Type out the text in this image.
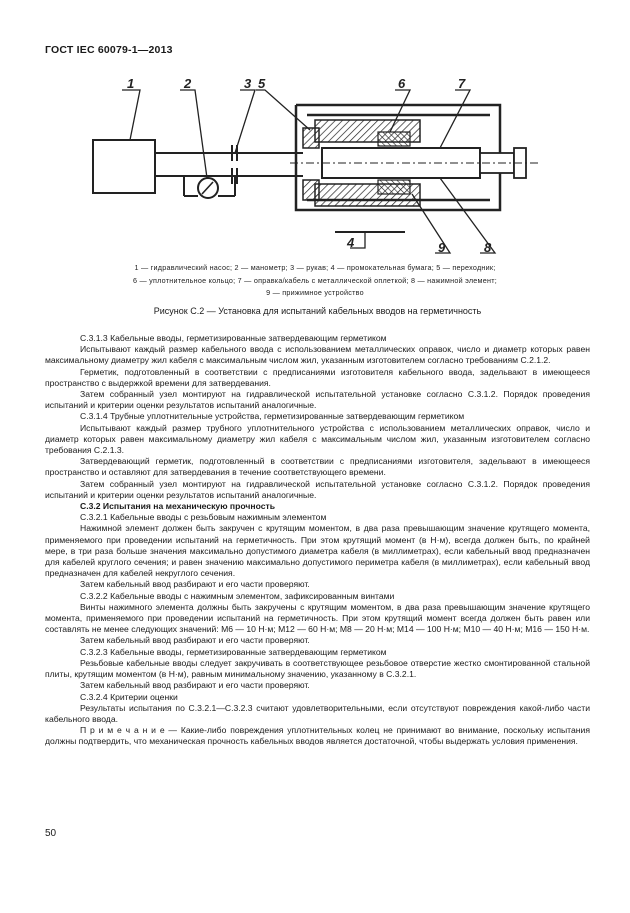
ГОСТ IEC 60079-1—2013
1	2	3
4
5	6	7
8
9
1 — гидравлический насос; 2 — манометр; 3 — рукав; 4 — промокательная бумага; 5 — переходник;
6 — уплотнительное кольцо; 7 — оправка/кабель с металлической оплеткой; 8 — нажимной элемент;
9 — прижимное устройство
Рисунок С.2 — Установка для испытаний кабельных вводов на герметичность

С.3.1.3 Кабельные вводы, герметизированные затвердевающим герметиком

Испытывают каждый размер кабельного ввода с использованием металлических оправок, число и диаметр которых равен максимальному диаметру жил кабеля с максимальным числом жил, указанным изготовителем согласно требованиям С.2.1.2.

Герметик, подготовленный в соответствии с предписаниями изготовителя кабельного ввода, задельвают в имеющееся пространство с выдержкой времени для затвердевания.

Затем собранный узел монтируют на гидравлической испытательной установке согласно С.3.1.2. Порядок проведения испытаний и критерии оценки результатов испытаний аналогичные.

С.3.1.4 Трубные уплотнительные устройства, герметизированные затвердевающим герметиком

Испытывают каждый размер трубного уплотнительного устройства с использованием металлических оправок, число и диаметр которых равен максимальному диаметру жил кабеля с максимальным числом жил, указанным изготовителем согласно требования С.2.1.3.

Затвердевающий герметик, подготовленный в соответствии с предписаниями изготовителя, задельвают в имеющееся пространство и оставляют для затвердевания в течение соответствующего времени.

Затем собранный узел монтируют на гидравлической испытательной установке согласно С.3.1.2. Порядок проведения испытаний и критерии оценки результатов испытаний аналогичные.

С.3.2 Испытания на механическую прочность

С.3.2.1 Кабельные вводы с резьбовым нажимным элементом

Нажимной элемент должен быть закручен с крутящим моментом, в два раза превышающим значение крутящего момента, применяемого при проведении испытаний на герметичность. При этом крутящий момент (в Н·м), всегда должен быть, по крайней мере, в три раза больше значения максимально допустимого диаметра кабеля (в миллиметрах), если кабельный ввод предназначен для кабелей круглого сечения; и равен значению максимально допустимого периметра кабеля (в миллиметрах), если кабельный ввод предназначен для кабелей некруглого сечения.

Затем кабельный ввод разбирают и его части проверяют.

С.3.2.2 Кабельные вводы с нажимным элементом, зафиксированным винтами

Винты нажимного элемента должны быть закручены с крутящим моментом, в два раза превышающим значение крутящего момента, применяемого при проведении испытаний на герметичность. При этом крутящий момент всегда должен быть равен или составлять не менее следующих значений: М6 — 10 Н·м; М12 — 60 Н·м; М8 — 20 Н·м; М14 — 100 Н·м; М10 — 40 Н·м; М16 — 150 Н·м.

Затем кабельный ввод разбирают и его части проверяют.

С.3.2.3 Кабельные вводы, герметизированные затвердевающим герметиком

Резьбовые кабельные вводы следует закручивать в соответствующее резьбовое отверстие жестко смонтированной стальной плиты, крутящим моментом (в Н·м), равным минимальному значению, указанному в С.3.2.1.

Затем кабельный ввод разбирают и его части проверяют.

С.3.2.4 Критерии оценки

Результаты испытания по С.3.2.1—С.3.2.3 считают удовлетворительными, если отсутствуют повреждения какой-либо части кабельного ввода.

П р и м е ч а н и е — Какие-либо повреждения уплотнительных колец не принимают во внимание, поскольку испытания должны подтвердить, что механическая прочность кабельных вводов является достаточной, чтобы выдержать условия применения.

50
